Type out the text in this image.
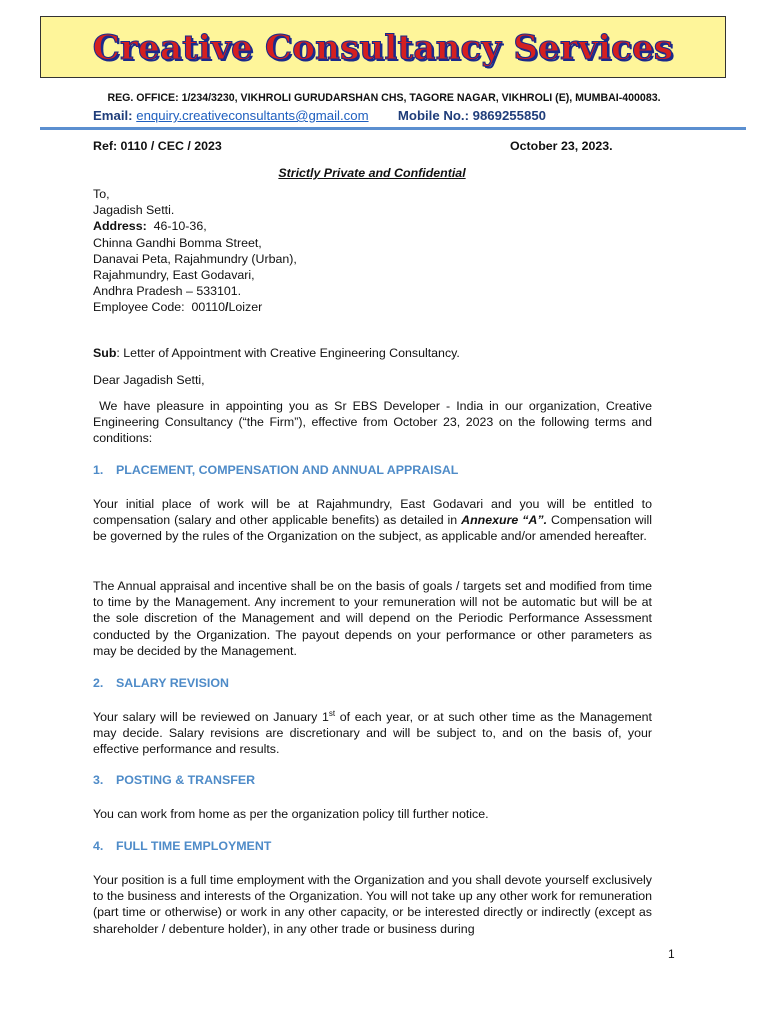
Creative Consultancy Services
REG. OFFICE: 1/234/3230, VIKHROLI GURUDARSHAN CHS, TAGORE NAGAR, VIKHROLI (E), MUMBAI-400083.
Email: enquiry.creativeconsultants@gmail.com Mobile No.: 9869255850
Ref: 0110 / CEC / 2023	October 23, 2023.
Strictly Private and Confidential
To,
Jagadish Setti.
Address: 46-10-36,
Chinna Gandhi Bomma Street,
Danavai Peta, Rajahmundry (Urban),
Rajahmundry, East Godavari,
Andhra Pradesh – 533101.
Employee Code: 00110/Loizer
Sub: Letter of Appointment with Creative Engineering Consultancy.
Dear Jagadish Setti,
We have pleasure in appointing you as Sr EBS Developer - India in our organization, Creative Engineering Consultancy (“the Firm”), effective from October 23, 2023 on the following terms and conditions:
1. PLACEMENT, COMPENSATION AND ANNUAL APPRAISAL
Your initial place of work will be at Rajahmundry, East Godavari and you will be entitled to compensation (salary and other applicable benefits) as detailed in Annexure “A”. Compensation will be governed by the rules of the Organization on the subject, as applicable and/or amended hereafter.
The Annual appraisal and incentive shall be on the basis of goals / targets set and modified from time to time by the Management. Any increment to your remuneration will not be automatic but will be at the sole discretion of the Management and will depend on the Periodic Performance Assessment conducted by the Organization. The payout depends on your performance or other parameters as may be decided by the Management.
2. SALARY REVISION
Your salary will be reviewed on January 1st of each year, or at such other time as the Management may decide. Salary revisions are discretionary and will be subject to, and on the basis of, your effective performance and results.
3. POSTING & TRANSFER
You can work from home as per the organization policy till further notice.
4. FULL TIME EMPLOYMENT
Your position is a full time employment with the Organization and you shall devote yourself exclusively to the business and interests of the Organization. You will not take up any other work for remuneration (part time or otherwise) or work in any other capacity, or be interested directly or indirectly (except as shareholder / debenture holder), in any other trade or business during
1
